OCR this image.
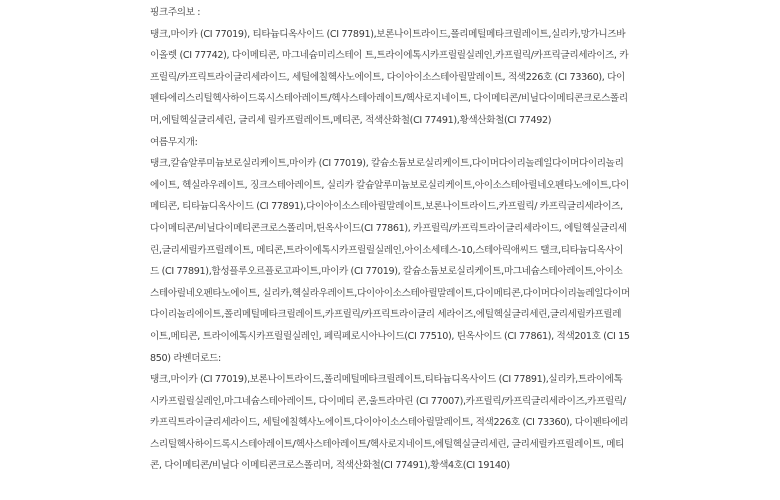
핑크주의보 :

탱크,마이카 (CI 77019), 티타늄디옥사이드 (CI 77891),보론나이트라이드,폴리메틸메타크릴레이트,실리카,망가니즈바이올렛 (CI 77742), 다이메티콘, 마그네슘미리스테이 트,트라이에톡시카프릴릴실레인,카프릴릭/카프릭글리세라이즈, 카프릴릭/카프릭트라이글리세라이드, 세틸에칠헥사노에이트, 다이아이소스테아릴말레이트, 적색226호 (CI 73360), 다이펜타에리스리틸헥사하이드록시스테아레이트/헥사스테아레이트/헥사로지네이트, 다이메티콘/비닐다이메티콘크로스폴리머,에틸헥실글리세린, 글리세 릴카프릴레이트,메티콘, 적색산화철(CI 77491),황색산화철(CI 77492)

여름무지개:

탱크,칼슘알루미늄보로실리케이트,마이카 (CI 77019), 칼슘소듐보로실리케이트,다이머다이리놀레일다이머다이리놀리에이트, 헥실라우레이트, 징크스테아레이트, 실리카 칼슘알루미늄보로실리케이트,아이소스테아릴네오펜타노에이트,다이메티콘, 티타늄디옥사이드 (CI 77891),다이아이소스테아릴말레이트,보론나이트라이드,카프릴릭/ 카프릭글리세라이즈, 다이메티콘/비닐다이메티콘크로스폴리머,틴옥사이드(CI 77861), 카프릴릭/카프릭트라이글리세라이드, 에틸헥실글리세린,글리세릴카프릴레이트, 메티콘,트라이에톡시카프릴릴실레인,아이소세테스-10,스테아릭애씨드 탤크,티타늄디옥사이드 (CI 77891),합성플루오르플로고파이트,마이카 (CI 77019), 칼슘소듐보로실리케이트,마그네슘스테아레이트,아이소스테아릴네오펜타노에이트, 실리카,헥실라우레이트,다이아이소스테아릴말레이트,다이메티콘,다이머다이리놀레일다이머다이리놀리에이트,폴리메틸메타크릴레이트,카프릴릭/카프릭트라이글리 세라이즈,에틸헥실글리세린,글리세릴카프릴레이트,메티콘, 트라이에톡시카프릴릴실레인, 페릭페로시아나이드(CI 77510), 틴옥사이드 (CI 77861), 적색201호 (CI 15850) 라벤더로드:

탱크,마이카 (CI 77019),보론나이트라이드,폴리메틸메타크릴레이트,티타늄디옥사이드 (CI 77891),실리카,트라이에톡시카프릴릴실레인,마그네슘스테아레이트, 다이메티 콘,울트라마린 (CI 77007),카프릴릭/카프릭글리세라이즈,카프릴릭/카프릭트라이글리세라이드, 세틸에칠헥사노에이트,다이아이소스테아릴말레이트, 적색226호 (CI 73360), 다이펜타에리스리틸헥사하이드록시스테아레이트/헥사스테아레이트/헥사로지네이트,에틸헥실글리세린, 글리세릴카프릴레이트, 메티콘, 다이메티콘/비닐다 이메티콘크로스폴리머, 적색산화철(CI 77491),황색4호(CI 19140)
